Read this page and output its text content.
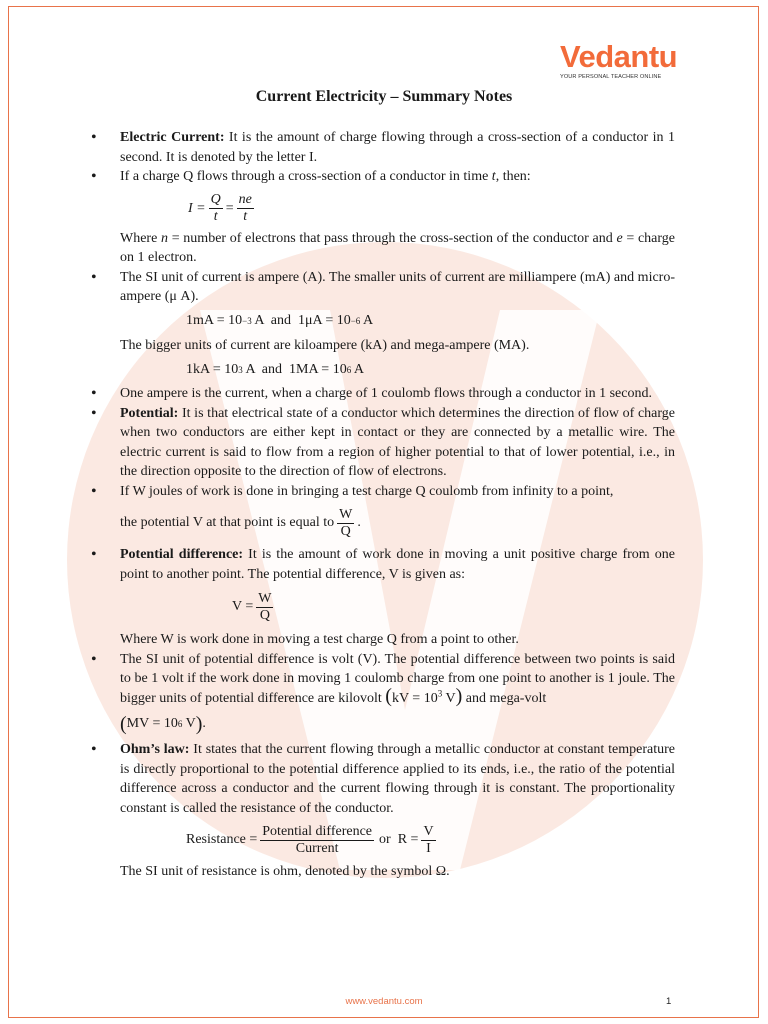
Vedantu
YOUR PERSONAL TEACHER ONLINE
Current Electricity – Summary Notes

• Electric Current: It is the amount of charge flowing through a cross-section of a conductor in 1 second. It is denoted by the letter I.

• If a charge Q flows through a cross-section of a conductor in time t, then:

$I = \frac{Q}{t} = \frac{ne}{t}$

Where n = number of electrons that pass through the cross-section of the conductor and e = charge on 1 electron.

• The SI unit of current is ampere (A). The smaller units of current are milliampere (mA) and micro-ampere (μ A).

1mA = 10 −3 A  and  1μA = 10 −6 A

The bigger units of current are kiloampere (kA) and mega-ampere (MA).

1kA = 10 3 A  and  1MA = 10 6 A

• One ampere is the current, when a charge of 1 coulomb flows through a conductor in 1 second.

• Potential: It is that electrical state of a conductor which determines the direction of flow of charge when two conductors are either kept in contact or they are connected by a metallic wire. The electric current is said to flow from a region of higher potential to that of lower potential, i.e., in the direction opposite to the direction of flow of electrons.

• If W joules of work is done in bringing a test charge Q coulomb from infinity to a point,

the potential V at that point is equal to $\frac{W}{Q}$ .

• Potential difference: It is the amount of work done in moving a unit positive charge from one point to another point. The potential difference, V is given as:

$V = \frac{W}{Q}$

Where W is work done in moving a test charge Q from a point to other.

• The SI unit of potential difference is volt (V). The potential difference between two points is said to be 1 volt if the work done in moving 1 coulomb charge from one point to another is 1 joule. The bigger units of potential difference are kilovolt ($kV = 10^3$ V) and mega-volt

( MV = 10 6 V ) .

• Ohm’s law: It states that the current flowing through a metallic conductor at constant temperature is directly proportional to the potential difference applied to its ends, i.e., the ratio of the potential difference across a conductor and the current flowing through it is constant. The proportionality constant is called the resistance of the conductor.

Resistance = $\frac{\text{Potential difference}}{\text{Current}}$ or  $R = \frac{V}{I}$

The SI unit of resistance is ohm, denoted by the symbol Ω.

www.vedantu.com	1
